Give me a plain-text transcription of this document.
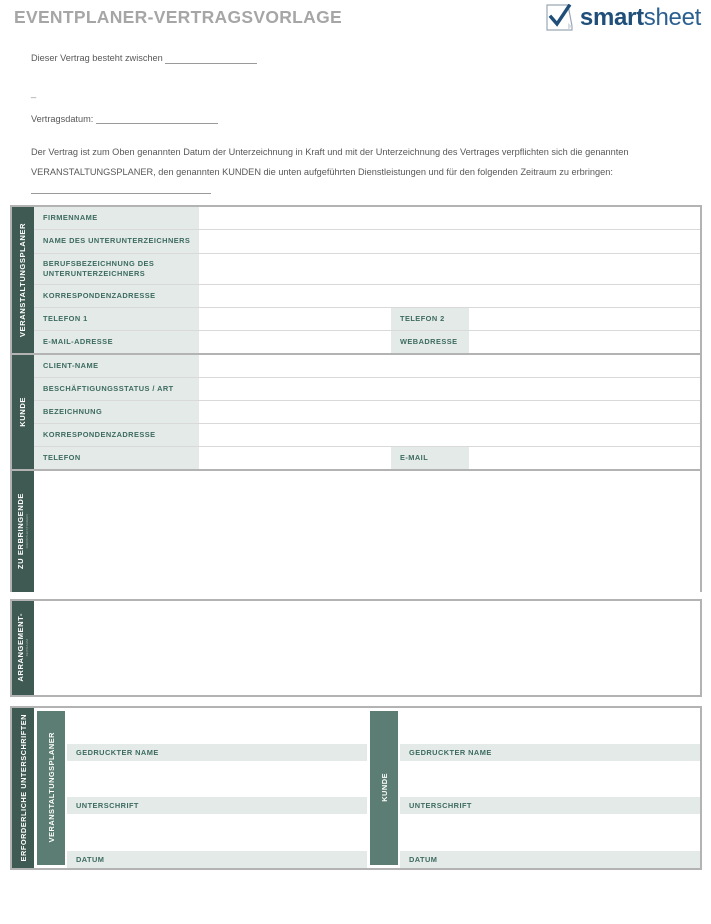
EVENTPLANER-VERTRAGSVORLAGE	smartsheet
Dieser Vertrag besteht zwischen
_
Vertragsdatum:
Der Vertrag ist zum Oben genannten Datum der Unterzeichnung in Kraft und mit der Unterzeichnung des Vertrages verpflichten sich die genannten VERANSTALTUNGSPLANER, den genannten KUNDEN die unten aufgeführten Dienstleistungen und für den folgenden Zeitraum zu erbringen:
VERANSTALTUNGSPLANER
FIRMENNAME
NAME DES UNTERUNTERZEICHNERS
BERUFSBEZEICHNUNG DES UNTERUNTERZEICHNERS
KORRESPONDENZADRESSE
TELEFON 1	TELEFON 2
E-MAIL-ADRESSE	WEBADRESSE
KUNDE
CLIENT-NAME
BESCHÄFTIGUNGSSTATUS / ART
BEZEICHNUNG
KORRESPONDENZADRESSE
TELEFON	E-MAIL
ZU ERBRINGENDE DIENSTLEISTUNGEN
ARRANGEMENT- ZEITRAUM
ERFORDERLICHE UNTERSCHRIFTEN	VERANSTALTUNGSPLANER	GEDRUCKTER NAME
UNTERSCHRIFT
DATUM
KUNDE
GEDRUCKTER NAME
UNTERSCHRIFT
DATUM
